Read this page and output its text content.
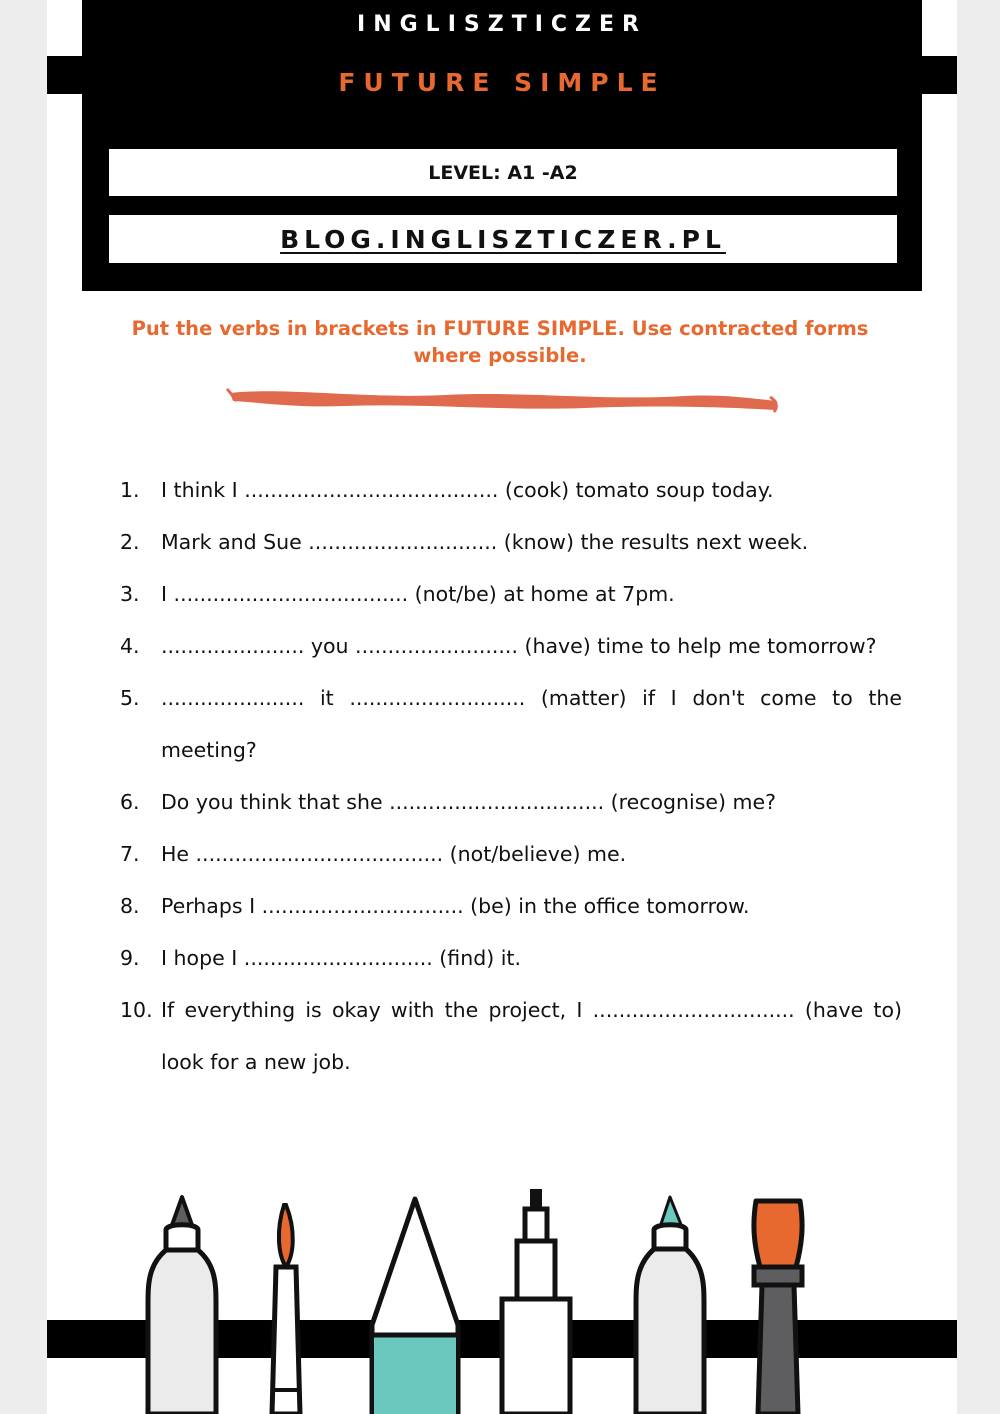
INGLISZTICZER
FUTURE SIMPLE
LEVEL: A1 -A2
BLOG.INGLISZTICZER.PL
Put the verbs in brackets in FUTURE SIMPLE. Use contracted forms where possible.
1.	I think I ....................................... (cook) tomato soup today.
2.	Mark and Sue ............................. (know) the results next week.
3.	I .................................... (not/be) at home at 7pm.
4.	...................... you ......................... (have) time to help me tomorrow?
5.	...................... it ........................... (matter) if I don't come to the meeting?
6.	Do you think that she ................................. (recognise) me?
7.	He ...................................... (not/believe) me.
8.	Perhaps I ............................... (be) in the office tomorrow.
9.	I hope I ............................. (find) it.
10. If everything is okay with the project, I ............................... (have to) look for a new job.
